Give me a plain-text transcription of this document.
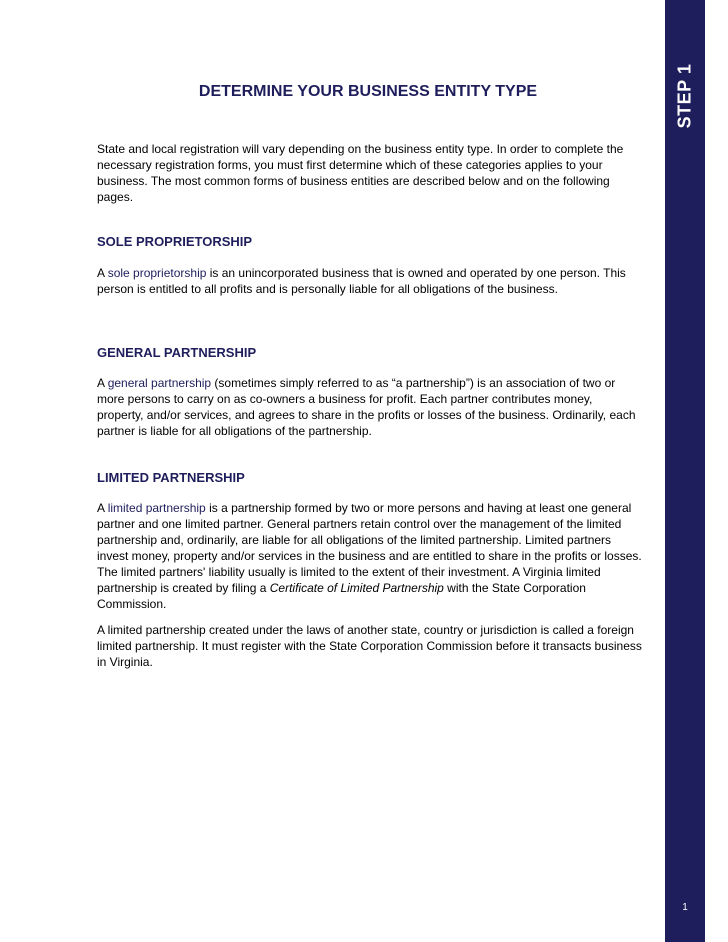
STEP 1
1
DETERMINE YOUR BUSINESS ENTITY TYPE

State and local registration will vary depending on the business entity type. In order to complete the necessary registration forms, you must first determine which of these categories applies to your business. The most common forms of business entities are described below and on the following pages.

SOLE PROPRIETORSHIP

A sole proprietorship is an unincorporated business that is owned and operated by one person. This person is entitled to all profits and is personally liable for all obligations of the business.

GENERAL PARTNERSHIP

A general partnership (sometimes simply referred to as “a partnership”) is an association of two or more persons to carry on as co-owners a business for profit. Each partner contributes money, property, and/or services, and agrees to share in the profits or losses of the business. Ordinarily, each partner is liable for all obligations of the partnership.

LIMITED PARTNERSHIP

A limited partnership is a partnership formed by two or more persons and having at least one general partner and one limited partner. General partners retain control over the management of the limited partnership and, ordinarily, are liable for all obligations of the limited partnership. Limited partners invest money, property and/or services in the business and are entitled to share in the profits or losses. The limited partners' liability usually is limited to the extent of their investment. A Virginia limited partnership is created by filing a Certificate of Limited Partnership with the State Corporation Commission.

A limited partnership created under the laws of another state, country or jurisdiction is called a foreign limited partnership. It must register with the State Corporation Commission before it transacts business in Virginia.
